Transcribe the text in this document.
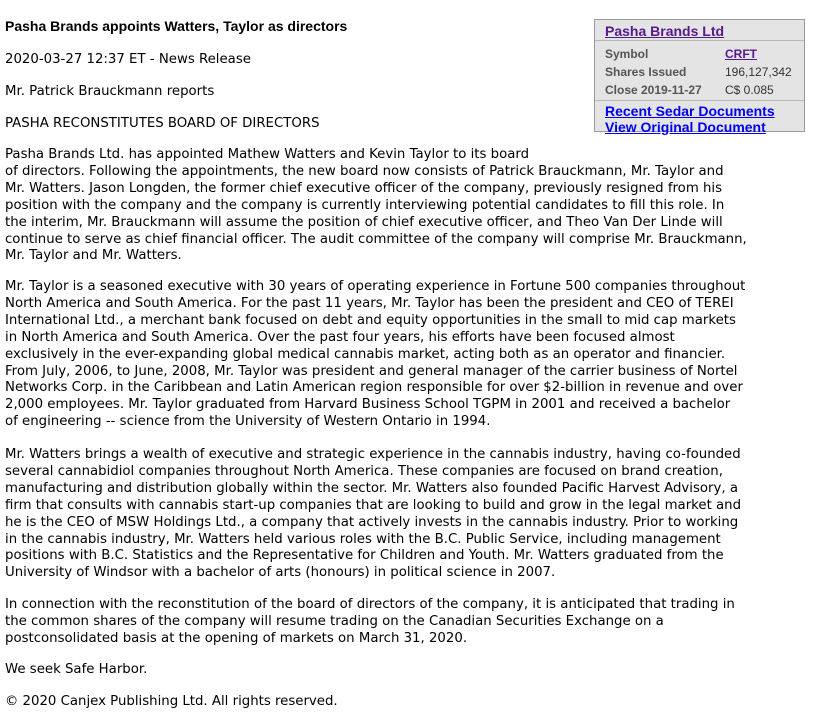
Pasha Brands appoints Watters, Taylor as directors
2020-03-27 12:37 ET - News Release
Mr. Patrick Brauckmann reports
PASHA RECONSTITUTES BOARD OF DIRECTORS
Pasha Brands Ltd. has appointed Mathew Watters and Kevin Taylor to its board
of directors. Following the appointments, the new board now consists of Patrick Brauckmann, Mr. Taylor and
Mr. Watters. Jason Longden, the former chief executive officer of the company, previously resigned from his
position with the company and the company is currently interviewing potential candidates to fill this role. In
the interim, Mr. Brauckmann will assume the position of chief executive officer, and Theo Van Der Linde will
continue to serve as chief financial officer. The audit committee of the company will comprise Mr. Brauckmann,
Mr. Taylor and Mr. Watters.
Mr. Taylor is a seasoned executive with 30 years of operating experience in Fortune 500 companies throughout
North America and South America. For the past 11 years, Mr. Taylor has been the president and CEO of TEREI
International Ltd., a merchant bank focused on debt and equity opportunities in the small to mid cap markets
in North America and South America. Over the past four years, his efforts have been focused almost
exclusively in the ever-expanding global medical cannabis market, acting both as an operator and financier.
From July, 2006, to June, 2008, Mr. Taylor was president and general manager of the carrier business of Nortel
Networks Corp. in the Caribbean and Latin American region responsible for over $2-billion in revenue and over
2,000 employees. Mr. Taylor graduated from Harvard Business School TGPM in 2001 and received a bachelor
of engineering -- science from the University of Western Ontario in 1994.
Mr. Watters brings a wealth of executive and strategic experience in the cannabis industry, having co-founded
several cannabidiol companies throughout North America. These companies are focused on brand creation,
manufacturing and distribution globally within the sector. Mr. Watters also founded Pacific Harvest Advisory, a
firm that consults with cannabis start-up companies that are looking to build and grow in the legal market and
he is the CEO of MSW Holdings Ltd., a company that actively invests in the cannabis industry. Prior to working
in the cannabis industry, Mr. Watters held various roles with the B.C. Public Service, including management
positions with B.C. Statistics and the Representative for Children and Youth. Mr. Watters graduated from the
University of Windsor with a bachelor of arts (honours) in political science in 2007.
In connection with the reconstitution of the board of directors of the company, it is anticipated that trading in
the common shares of the company will resume trading on the Canadian Securities Exchange on a
postconsolidated basis at the opening of markets on March 31, 2020.
We seek Safe Harbor.
© 2020 Canjex Publishing Ltd. All rights reserved.
Pasha Brands Ltd
Symbol	CRFT
Shares Issued	196,127,342
Close 2019-11-27	C$ 0.085
Recent Sedar Documents
View Original Document
